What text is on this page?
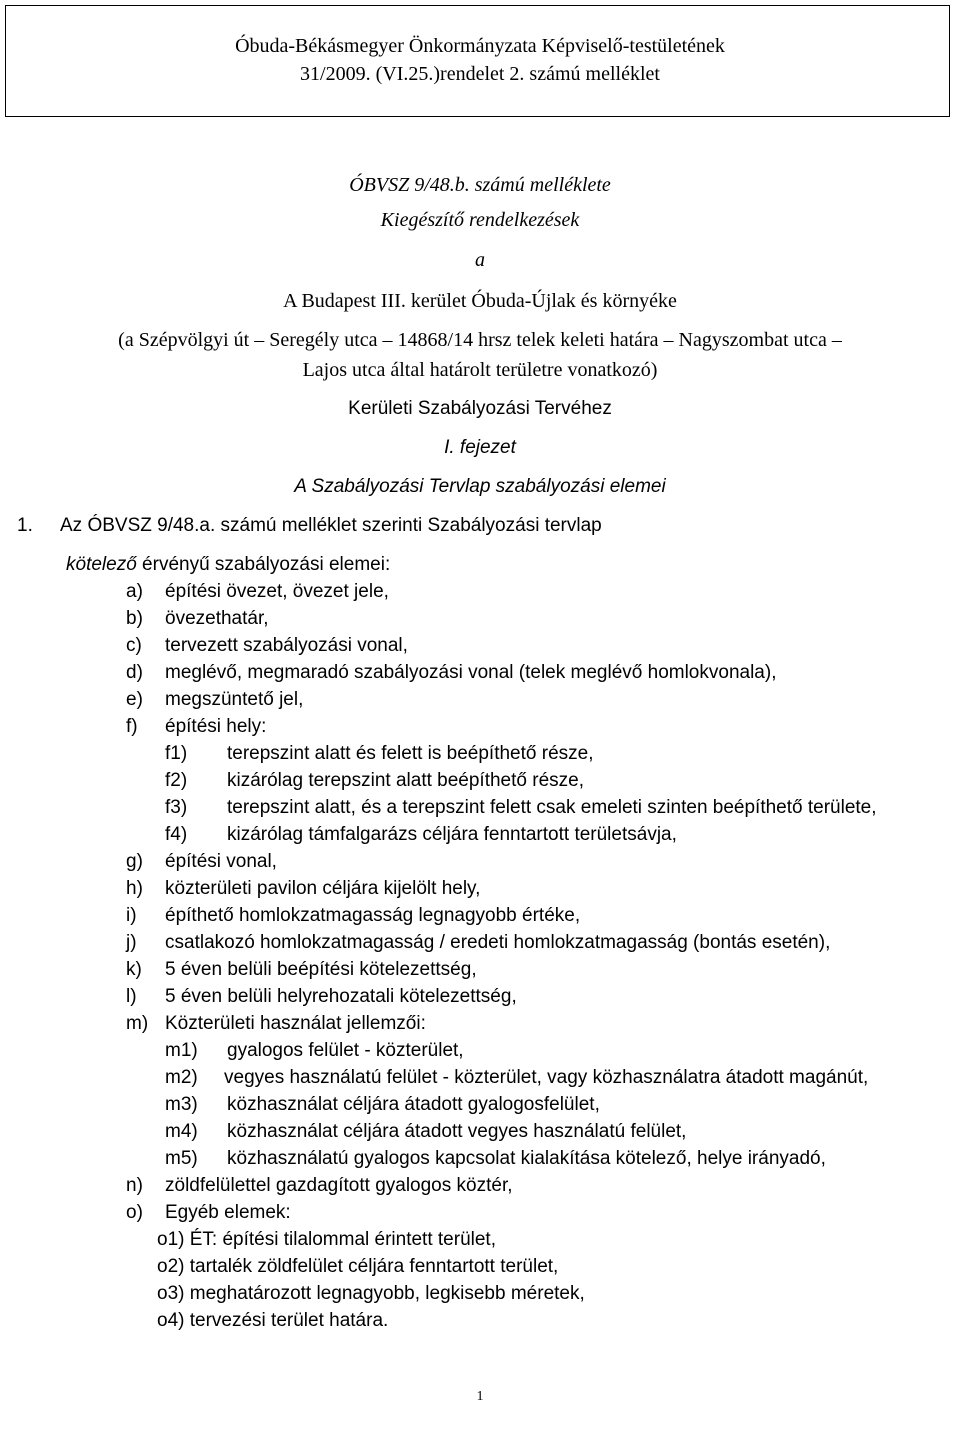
Óbuda-Békásmegyer Önkormányzata Képviselő-testületének
31/2009. (VI.25.)rendelet 2. számú melléklet
ÓBVSZ 9/48.b. számú melléklete
Kiegészítő rendelkezések
a
A Budapest III. kerület Óbuda-Újlak és környéke
(a Szépvölgyi út – Seregély utca – 14868/14 hrsz telek keleti határa – Nagyszombat utca –
Lajos utca által határolt területre vonatkozó)
Kerületi Szabályozási Tervéhez
I. fejezet
A Szabályozási Tervlap szabályozási elemei
1. Az ÓBVSZ 9/48.a. számú melléklet szerinti Szabályozási tervlap
kötelező érvényű szabályozási elemei:
a) építési övezet, övezet jele,
b) övezethatár,
c) tervezett szabályozási vonal,
d) meglévő, megmaradó szabályozási vonal (telek meglévő homlokvonala),
e) megszüntető jel,
f) építési hely:
f1) terepszint alatt és felett is beépíthető része,
f2) kizárólag terepszint alatt beépíthető része,
f3) terepszint alatt, és a terepszint felett csak emeleti szinten beépíthető területe,
f4) kizárólag támfalgarázs céljára fenntartott területsávja,
g) építési vonal,
h) közterületi pavilon céljára kijelölt hely,
i) építhető homlokzatmagasság legnagyobb értéke,
j) csatlakozó homlokzatmagasság / eredeti homlokzatmagasság (bontás esetén),
k) 5 éven belüli beépítési kötelezettség,
l) 5 éven belüli helyrehozatali kötelezettség,
m) Közterületi használat jellemzői:
m1) gyalogos felület - közterület,
m2) vegyes használatú felület - közterület, vagy közhasználatra átadott magánút,
m3) közhasználat céljára átadott gyalogosfelület,
m4) közhasználat céljára átadott vegyes használatú felület,
m5) közhasználatú gyalogos kapcsolat kialakítása kötelező, helye irányadó,
n) zöldfelülettel gazdagított gyalogos köztér,
o) Egyéb elemek:
o1) ÉT: építési tilalommal érintett terület,
o2) tartalék zöldfelület céljára fenntartott terület,
o3) meghatározott legnagyobb, legkisebb méretek,
o4) tervezési terület határa.
1
